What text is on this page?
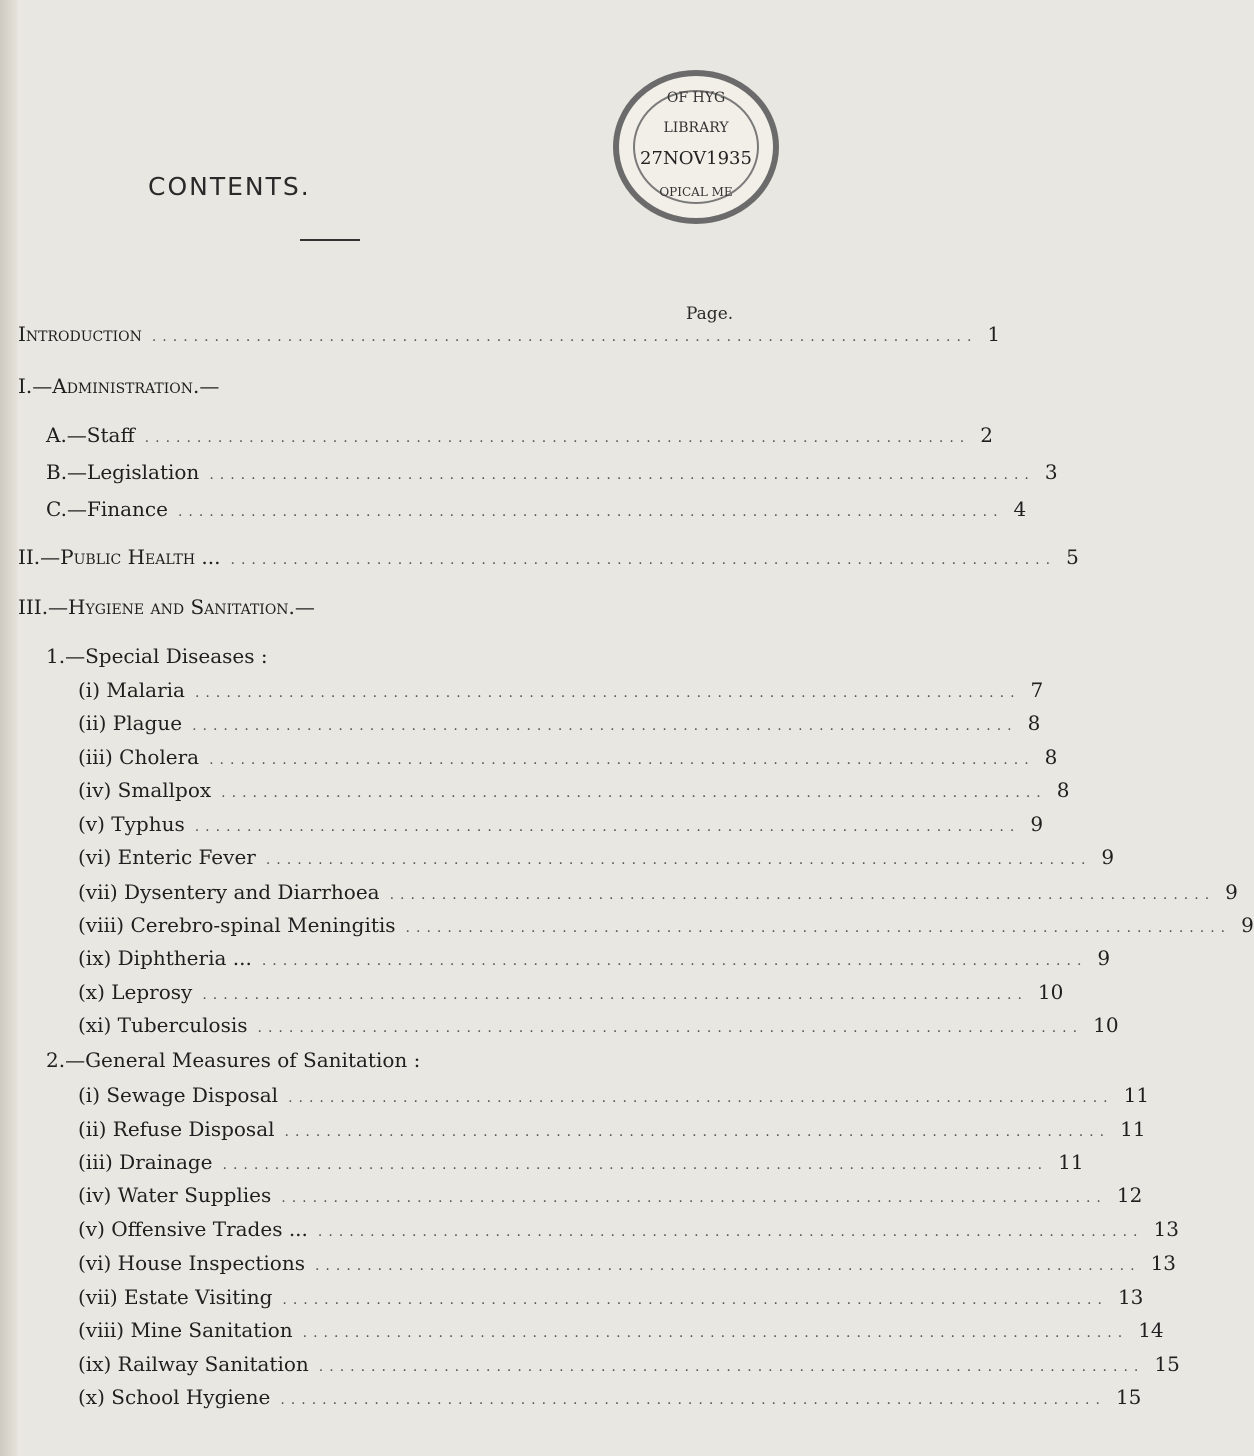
CONTENTS.
OF HYG
LIBRARY
27NOV1935
OPICAL ME
Page.
Introduction ............................................................................... 1
I.—Administration.—
A.—Staff ............................................................................... 2
B.—Legislation ............................................................................... 3
C.—Finance ............................................................................... 4
II.—Public Health ... ............................................................................... 5
III.—Hygiene and Sanitation.—
1.—Special Diseases :
(i) Malaria ............................................................................... 7
(ii) Plague ............................................................................... 8
(iii) Cholera ............................................................................... 8
(iv) Smallpox ............................................................................... 8
(v) Typhus ............................................................................... 9
(vi) Enteric Fever ............................................................................... 9
(vii) Dysentery and Diarrhoea ............................................................................... 9
(viii) Cerebro-spinal Meningitis ............................................................................... 9
(ix) Diphtheria ... ............................................................................... 9
(x) Leprosy ............................................................................... 10
(xi) Tuberculosis ............................................................................... 10
2.—General Measures of Sanitation :
(i) Sewage Disposal ............................................................................... 11
(ii) Refuse Disposal ............................................................................... 11
(iii) Drainage ............................................................................... 11
(iv) Water Supplies ............................................................................... 12
(v) Offensive Trades ... ............................................................................... 13
(vi) House Inspections ............................................................................... 13
(vii) Estate Visiting ............................................................................... 13
(viii) Mine Sanitation ............................................................................... 14
(ix) Railway Sanitation ............................................................................... 15
(x) School Hygiene ............................................................................... 15
